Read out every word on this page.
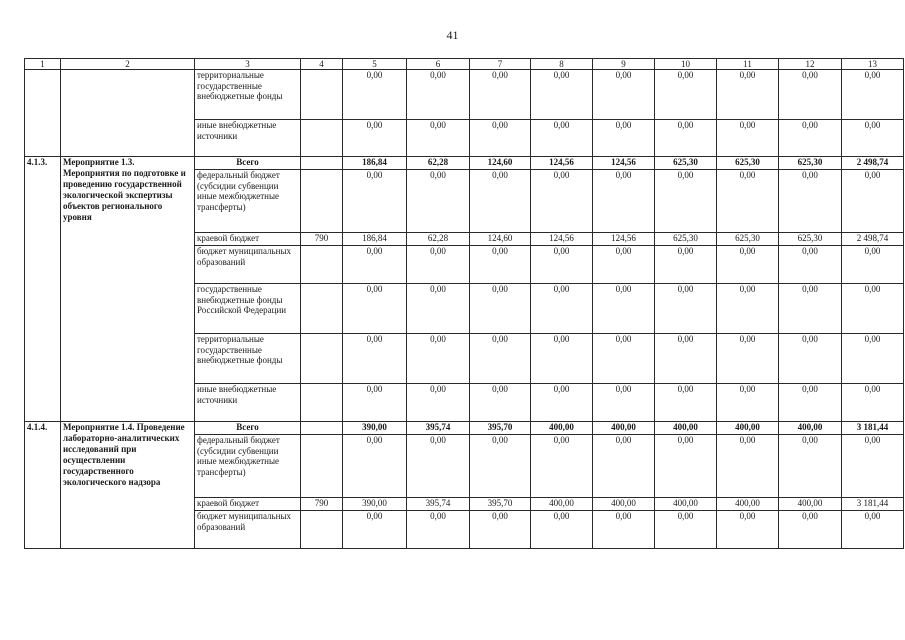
41
1	2	3	4	5	6	7	8	9	10	11	12	13
		территориальные государственные внебюджетные фонды		0,00	0,00	0,00	0,00	0,00	0,00	0,00	0,00	0,00
		иные внебюджетные источники		0,00	0,00	0,00	0,00	0,00	0,00	0,00	0,00	0,00
4.1.3.	Мероприятие 1.3. Мероприятия по подготовке и проведению государственной экологической экспертизы объектов регионального уровня	Всего		186,84	62,28	124,60	124,56	124,56	625,30	625,30	625,30	2 498,74
		федеральный бюджет (субсидии субвенции иные межбюджетные трансферты)		0,00	0,00	0,00	0,00	0,00	0,00	0,00	0,00	0,00
		краевой бюджет	790	186,84	62,28	124,60	124,56	124,56	625,30	625,30	625,30	2 498,74
		бюджет муниципальных образований		0,00	0,00	0,00	0,00	0,00	0,00	0,00	0,00	0,00
		государственные внебюджетные фонды Российской Федерации		0,00	0,00	0,00	0,00	0,00	0,00	0,00	0,00	0,00
		территориальные государственные внебюджетные фонды		0,00	0,00	0,00	0,00	0,00	0,00	0,00	0,00	0,00
		иные внебюджетные источники		0,00	0,00	0,00	0,00	0,00	0,00	0,00	0,00	0,00
4.1.4.	Мероприятие 1.4. Проведение лабораторно-аналитических исследований при осуществлении государственного экологического надзора	Всего		390,00	395,74	395,70	400,00	400,00	400,00	400,00	400,00	3 181,44
		федеральный бюджет (субсидии субвенции иные межбюджетные трансферты)		0,00	0,00	0,00	0,00	0,00	0,00	0,00	0,00	0,00
		краевой бюджет	790	390,00	395,74	395,70	400,00	400,00	400,00	400,00	400,00	3 181,44
		бюджет муниципальных образований		0,00	0,00	0,00	0,00	0,00	0,00	0,00	0,00	0,00
